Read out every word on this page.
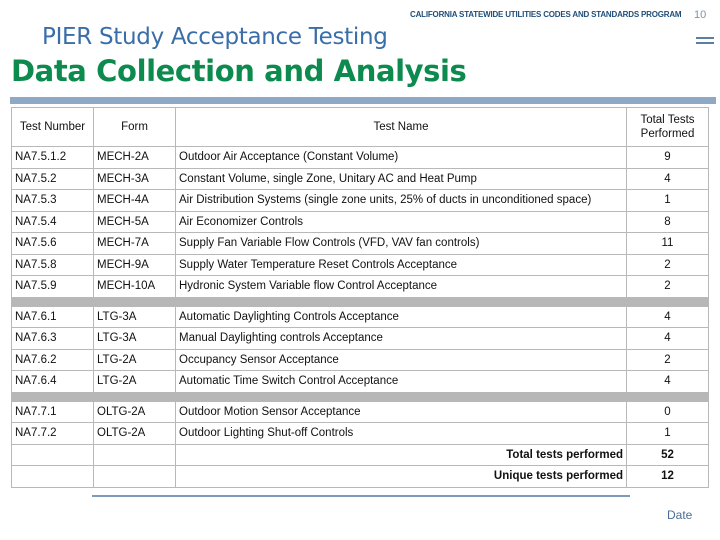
CALIFORNIA STATEWIDE UTILITIES CODES AND STANDARDS PROGRAM 10
PIER Study Acceptance Testing
Data Collection and Analysis
Test Number	Form	Test Name	Total Tests Performed
NA7.5.1.2	MECH-2A	Outdoor Air Acceptance (Constant Volume)	9
NA7.5.2	MECH-3A	Constant Volume, single Zone, Unitary AC and Heat Pump	4
NA7.5.3	MECH-4A	Air Distribution Systems (single zone units, 25% of ducts in unconditioned space)	1
NA7.5.4	MECH-5A	Air Economizer Controls	8
NA7.5.6	MECH-7A	Supply Fan Variable Flow Controls (VFD, VAV fan controls)	11
NA7.5.8	MECH-9A	Supply Water Temperature Reset Controls Acceptance	2
NA7.5.9	MECH-10A	Hydronic System Variable flow Control Acceptance	2

NA7.6.1	LTG-3A	Automatic Daylighting Controls Acceptance	4
NA7.6.3	LTG-3A	Manual Daylighting controls Acceptance	4
NA7.6.2	LTG-2A	Occupancy Sensor Acceptance	2
NA7.6.4	LTG-2A	Automatic Time Switch Control Acceptance	4

NA7.7.1	OLTG-2A	Outdoor Motion Sensor Acceptance	0
NA7.7.2	OLTG-2A	Outdoor Lighting Shut-off Controls	1
		Total tests performed	52
		Unique tests performed	12
Date
